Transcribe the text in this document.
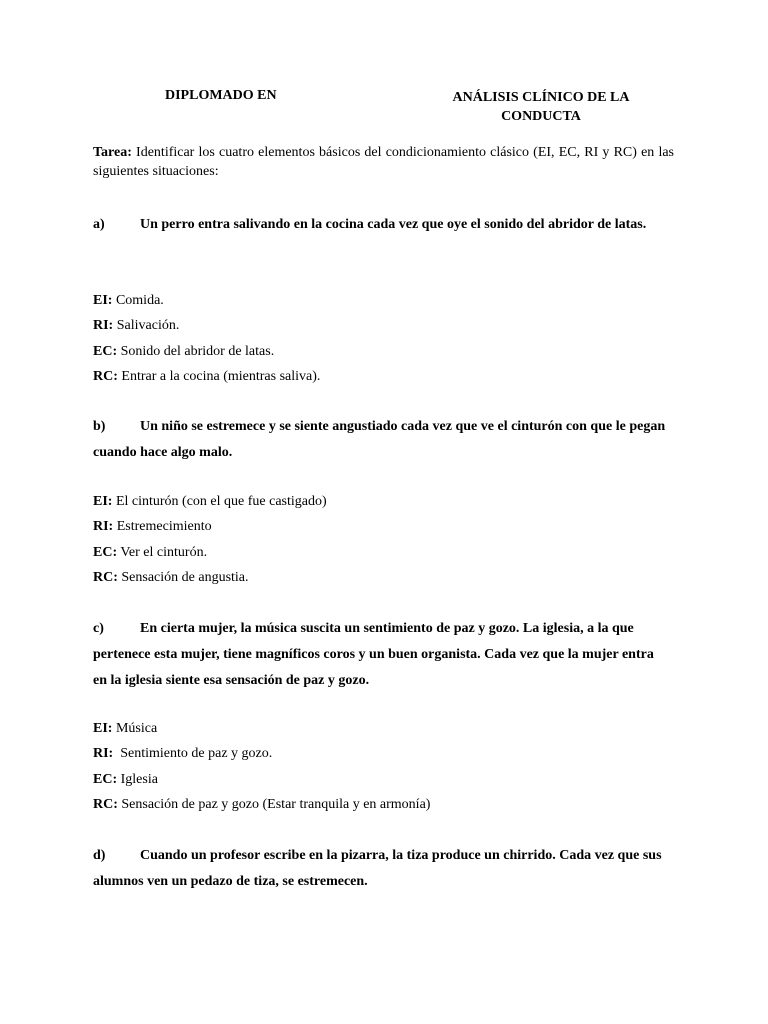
DIPLOMADO EN	ANÁLISIS CLÍNICO DE LA CONDUCTA
Tarea: Identificar los cuatro elementos básicos del condicionamiento clásico (EI, EC, RI y RC) en las siguientes situaciones:
a)	Un perro entra salivando en la cocina cada vez que oye el sonido del abridor de latas.
EI: Comida.
RI: Salivación.
EC: Sonido del abridor de latas.
RC: Entrar a la cocina (mientras saliva).
b) Un niño se estremece y se siente angustiado cada vez que ve el cinturón con que le pegan cuando hace algo malo.
EI: El cinturón (con el que fue castigado)
RI: Estremecimiento
EC: Ver el cinturón.
RC: Sensación de angustia.
c)	En cierta mujer, la música suscita un sentimiento de paz y gozo. La iglesia, a la que pertenece esta mujer, tiene magníficos coros y un buen organista. Cada vez que la mujer entra en la iglesia siente esa sensación de paz y gozo.
EI: Música
RI:  Sentimiento de paz y gozo.
EC: Iglesia
RC: Sensación de paz y gozo (Estar tranquila y en armonía)
d) Cuando un profesor escribe en la pizarra, la tiza produce un chirrido. Cada vez que sus alumnos ven un pedazo de tiza, se estremecen.
